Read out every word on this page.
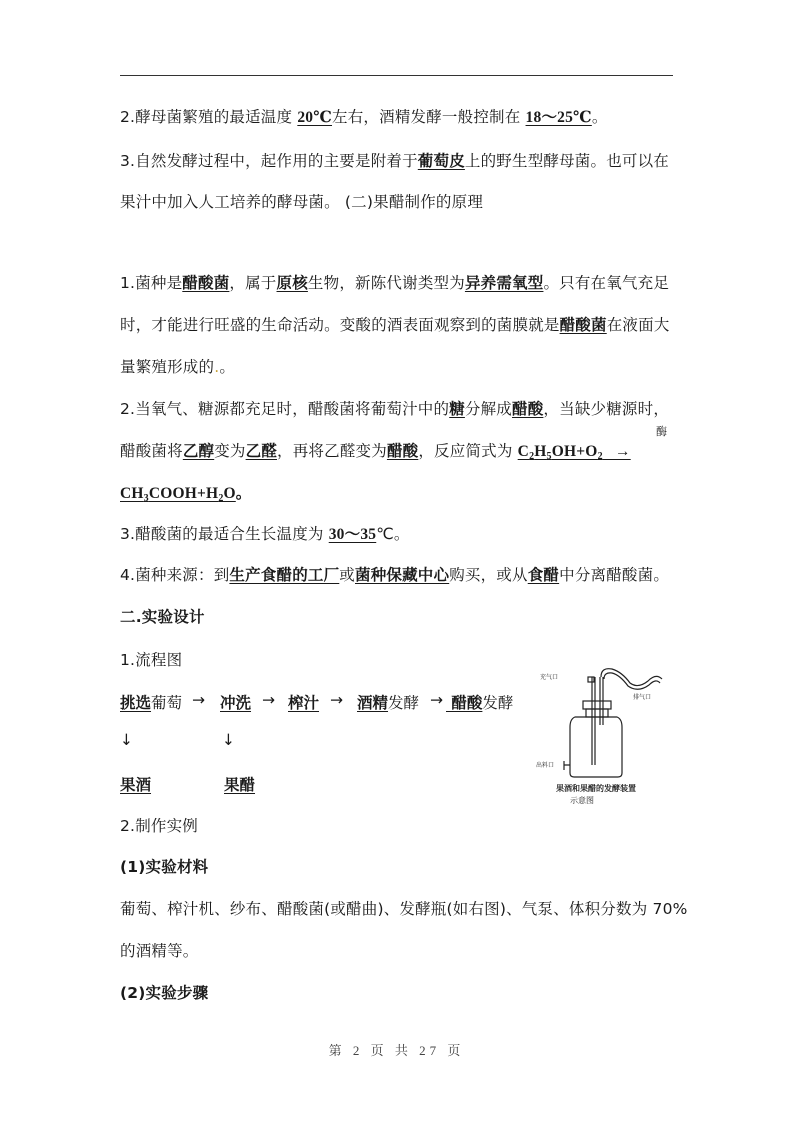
2.酵母菌繁殖的最适温度 20℃左右，酒精发酵一般控制在 18～25℃。
3.自然发酵过程中，起作用的主要是附着于葡萄皮上的野生型酵母菌。也可以在
果汁中加入人工培养的酵母菌。 (二)果醋制作的原理
1.菌种是醋酸菌，属于原核生物，新陈代谢类型为异养需氧型。只有在氧气充足
时，才能进行旺盛的生命活动。变酸的酒表面观察到的菌膜就是醋酸菌在液面大
量繁殖形成的.。
2.当氧气、糖源都充足时，醋酸菌将葡萄汁中的糖分解成醋酸，当缺少糖源时，
酶
醋酸菌将乙醇变为乙醛，再将乙醛变为醋酸，反应简式为 $C_2H_5OH+O_2$   →
$CH_3COOH+H_2O$。
3.醋酸菌的最适合生长温度为 30～35℃。
4.菌种来源：到生产食醋的工厂或菌种保藏中心购买，或从食醋中分离醋酸菌。
二.实验设计
1.流程图
挑选葡萄 → 冲洗 → 榨汁 → 酒精发酵 → 醋酸发酵
↓	↓
果酒	果醋
充气口
排气口
出料口
果酒和果醋的发酵装置
示意图
2.制作实例
(1)实验材料
葡萄、榨汁机、纱布、醋酸菌(或醋曲)、发酵瓶(如右图)、气泵、体积分数为 70%
的酒精等。
(2)实验步骤
第 2 页 共 27 页
